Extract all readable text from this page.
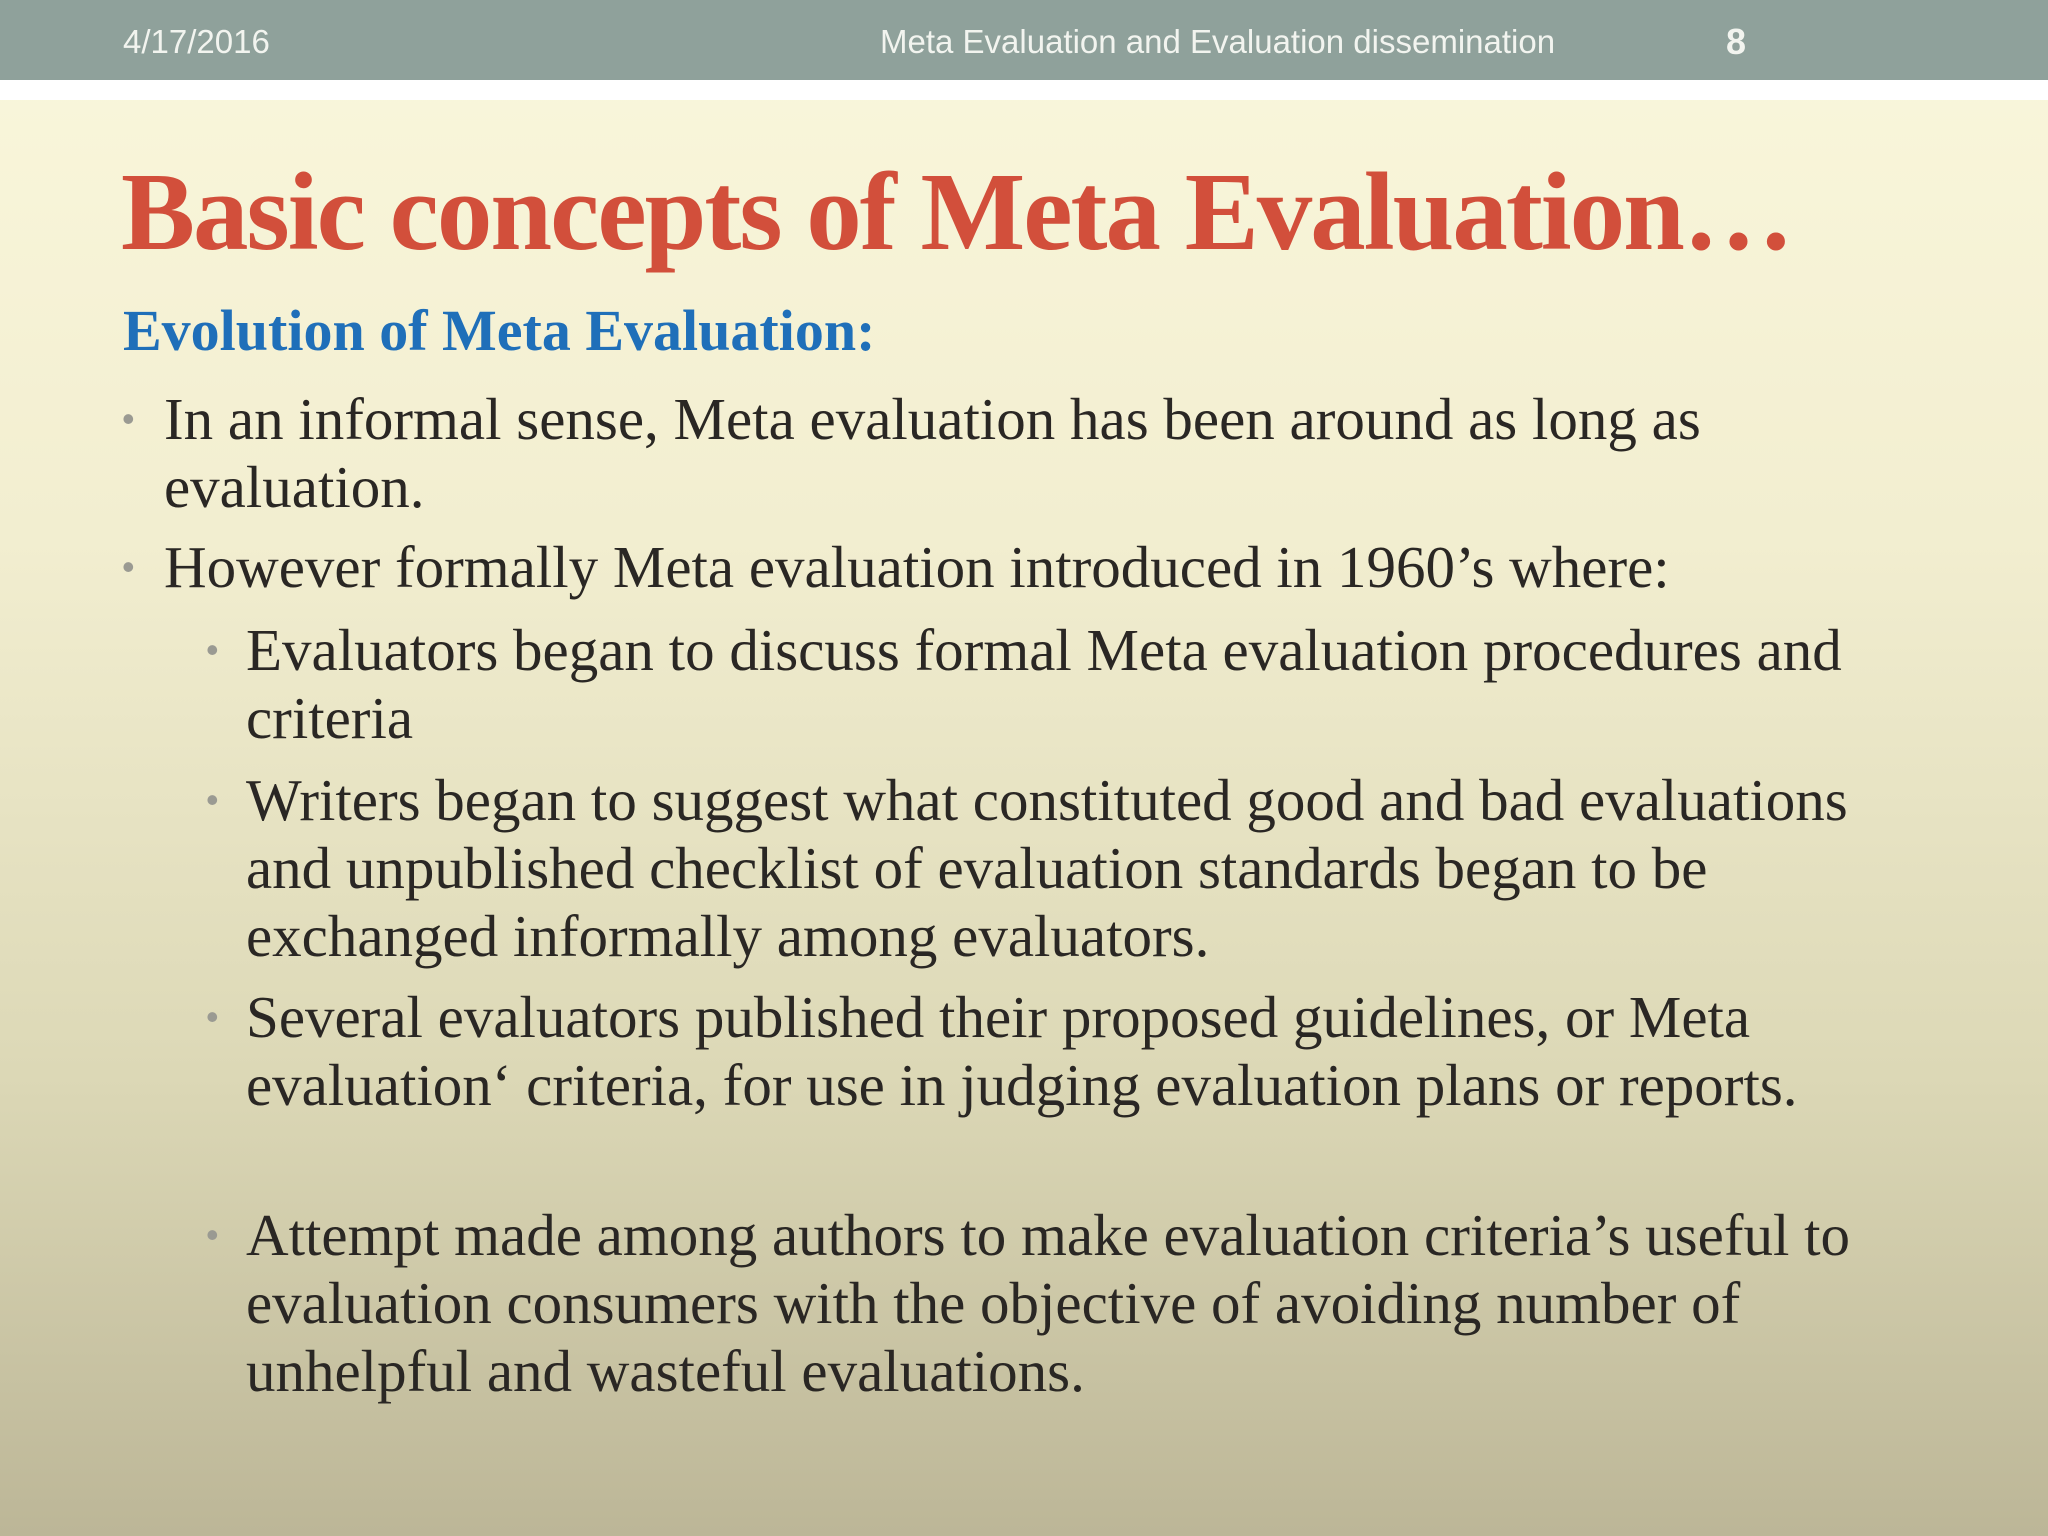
4/17/2016	Meta Evaluation and Evaluation dissemination	8
Basic concepts of Meta Evaluation…
Evolution of Meta Evaluation:
• In an informal sense, Meta evaluation has been around as long as evaluation.
• However formally Meta evaluation introduced in 1960’s where:
• Evaluators began to discuss formal Meta evaluation procedures and criteria
• Writers began to suggest what constituted good and bad evaluations and unpublished checklist of evaluation standards began to be exchanged informally among evaluators.
• Several evaluators published their proposed guidelines, or Meta evaluation‘ criteria, for use in judging evaluation plans or reports.
• Attempt made among authors to make evaluation criteria’s useful to evaluation consumers with the objective of avoiding number of unhelpful and wasteful evaluations.
